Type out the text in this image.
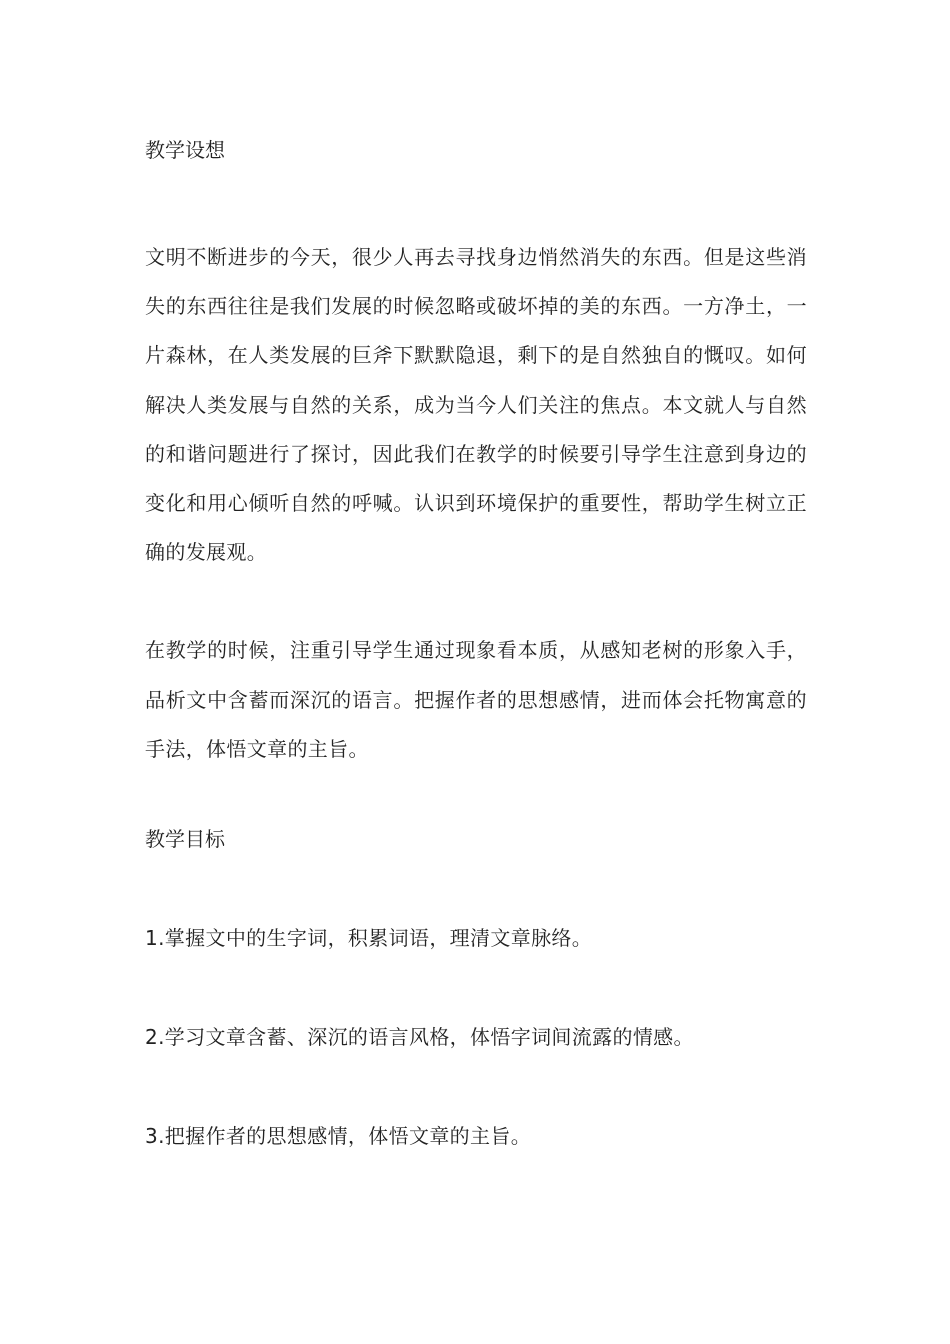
教学设想

文明不断进步的今天，很少人再去寻找身边悄然消失的东西。但是这些消失的东西往往是我们发展的时候忽略或破坏掉的美的东西。一方净土，一片森林，在人类发展的巨斧下默默隐退，剩下的是自然独自的慨叹。如何解决人类发展与自然的关系，成为当今人们关注的焦点。本文就人与自然的和谐问题进行了探讨，因此我们在教学的时候要引导学生注意到身边的变化和用心倾听自然的呼喊。认识到环境保护的重要性，帮助学生树立正确的发展观。

在教学的时候，注重引导学生通过现象看本质，从感知老树的形象入手，品析文中含蓄而深沉的语言。把握作者的思想感情，进而体会托物寓意的手法，体悟文章的主旨。

教学目标

1.掌握文中的生字词，积累词语，理清文章脉络。

2.学习文章含蓄、深沉的语言风格，体悟字词间流露的情感。

3.把握作者的思想感情，体悟文章的主旨。
